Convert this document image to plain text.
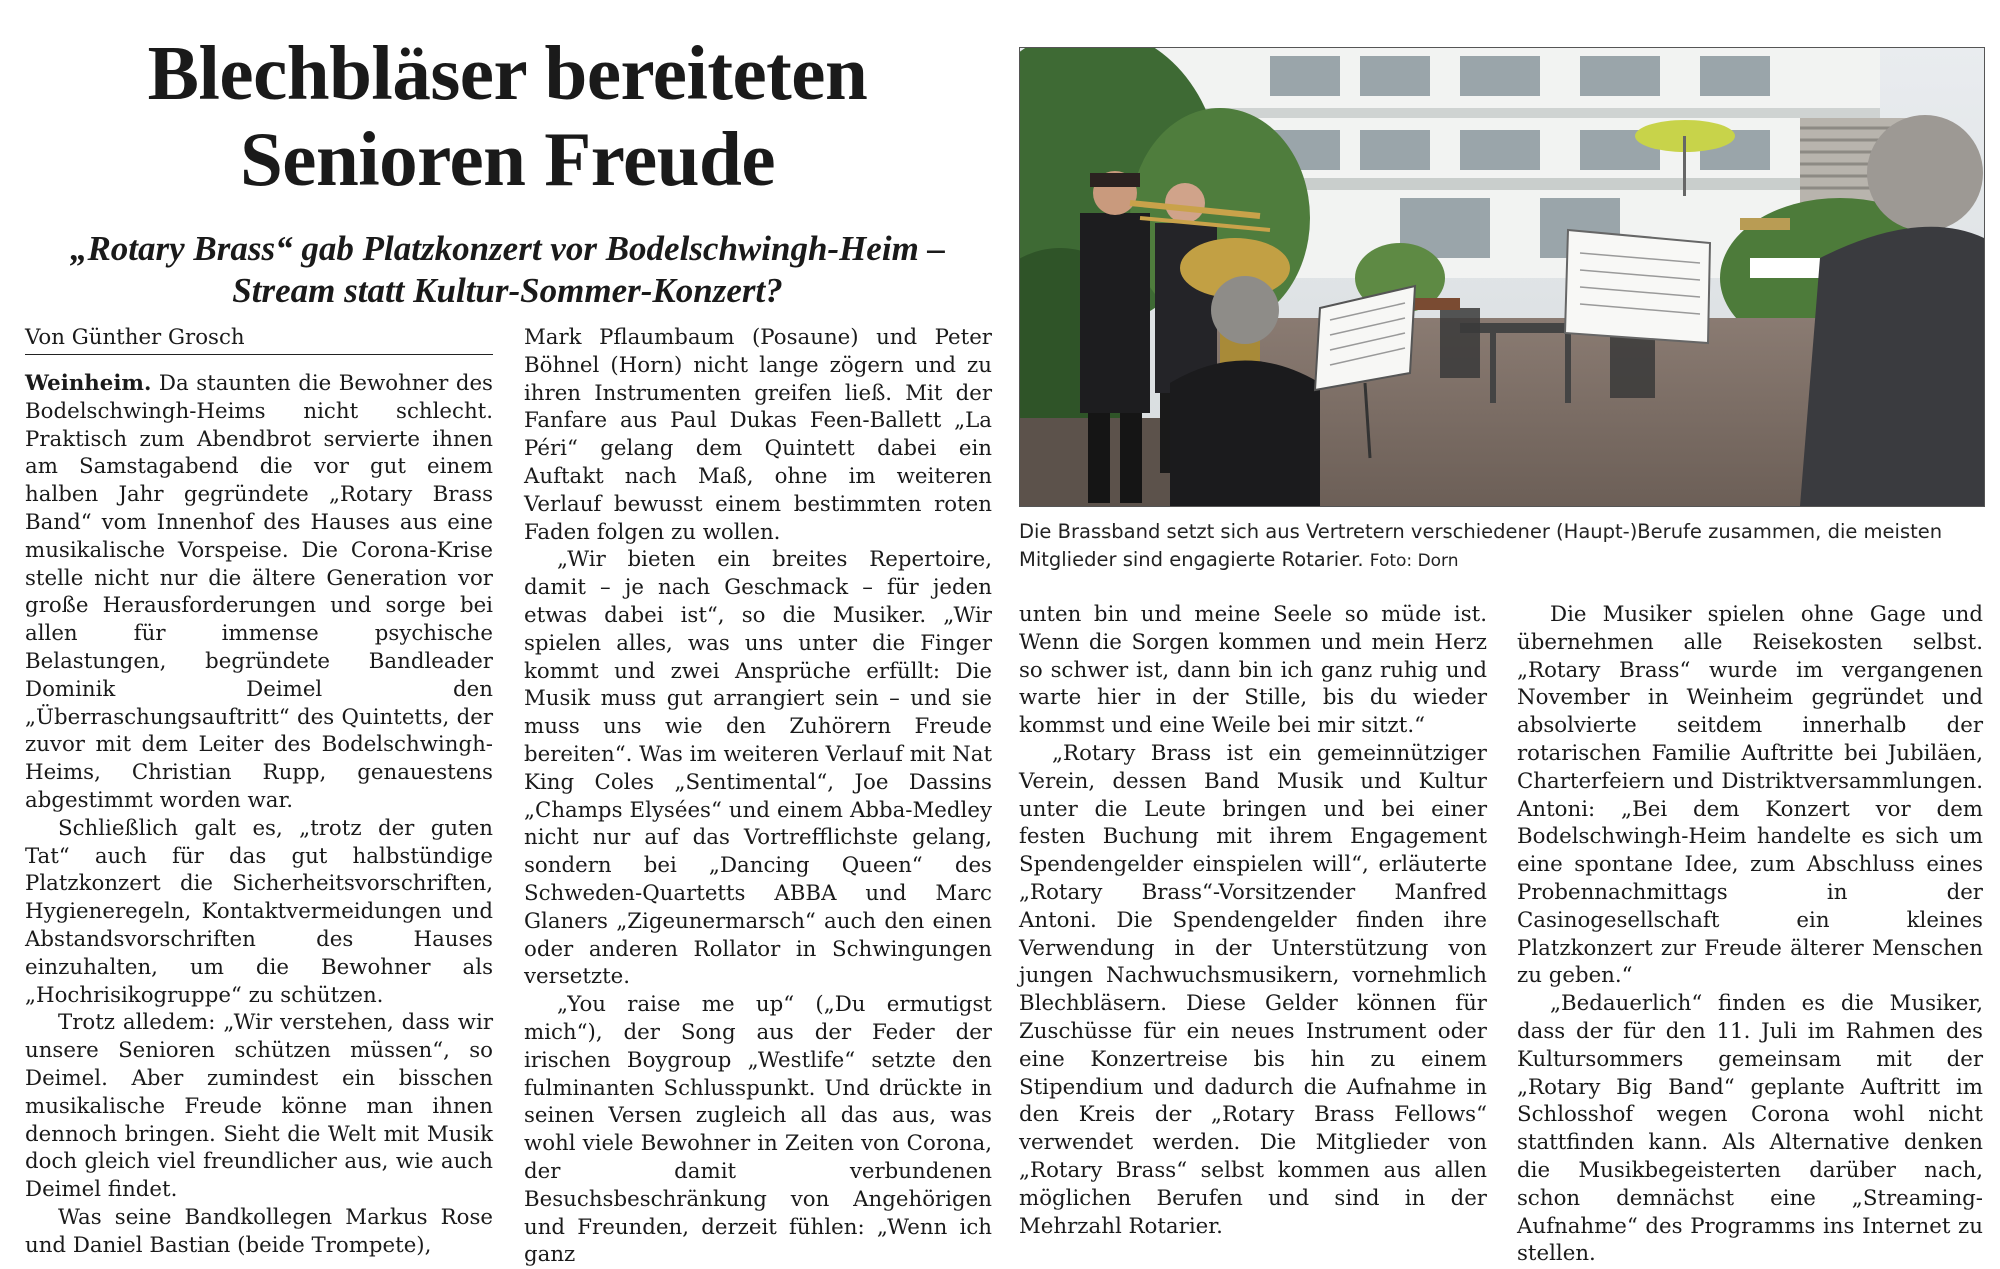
Blechbläser bereiteten
Senioren Freude
„Rotary Brass“ gab Platzkonzert vor Bodelschwingh-Heim –
Stream statt Kultur-Sommer-Konzert?
Von Günther Grosch

Weinheim. Da staunten die Bewohner des Bodelschwingh-Heims nicht schlecht. Praktisch zum Abendbrot servierte ihnen am Samstagabend die vor gut einem halben Jahr gegründete „Rotary Brass Band“ vom Innenhof des Hauses aus eine musikalische Vorspeise. Die Corona-Krise stelle nicht nur die ältere Generation vor große Herausforderungen und sorge bei allen für immense psychische Belastungen, begründete Bandleader Dominik Deimel den „Überraschungsauftritt“ des Quintetts, der zuvor mit dem Leiter des Bodelschwingh-Heims, Christian Rupp, genauestens abgestimmt worden war.

Schließlich galt es, „trotz der guten Tat“ auch für das gut halbstündige Platzkonzert die Sicherheitsvorschriften, Hygieneregeln, Kontaktvermeidungen und Abstandsvorschriften des Hauses einzuhalten, um die Bewohner als „Hochrisikogruppe“ zu schützen.

Trotz alledem: „Wir verstehen, dass wir unsere Senioren schützen müssen“, so Deimel. Aber zumindest ein bisschen musikalische Freude könne man ihnen dennoch bringen. Sieht die Welt mit Musik doch gleich viel freundlicher aus, wie auch Deimel findet.

Was seine Bandkollegen Markus Rose und Daniel Bastian (beide Trompete),

Mark Pflaumbaum (Posaune) und Peter Böhnel (Horn) nicht lange zögern und zu ihren Instrumenten greifen ließ. Mit der Fanfare aus Paul Dukas Feen-Ballett „La Péri“ gelang dem Quintett dabei ein Auftakt nach Maß, ohne im weiteren Verlauf bewusst einem bestimmten roten Faden folgen zu wollen.

„Wir bieten ein breites Repertoire, damit – je nach Geschmack – für jeden etwas dabei ist“, so die Musiker. „Wir spielen alles, was uns unter die Finger kommt und zwei Ansprüche erfüllt: Die Musik muss gut arrangiert sein – und sie muss uns wie den Zuhörern Freude bereiten“. Was im weiteren Verlauf mit Nat King Coles „Sentimental“, Joe Dassins „Champs Elysées“ und einem Abba-Medley nicht nur auf das Vortrefflichste gelang, sondern bei „Dancing Queen“ des Schweden-Quartetts ABBA und Marc Glaners „Zigeunermarsch“ auch den einen oder anderen Rollator in Schwingungen versetzte.

„You raise me up“ („Du ermutigst mich“), der Song aus der Feder der irischen Boygroup „Westlife“ setzte den fulminanten Schlusspunkt. Und drückte in seinen Versen zugleich all das aus, was wohl viele Bewohner in Zeiten von Corona, der damit verbundenen Besuchsbeschränkung von Angehörigen und Freunden, derzeit fühlen: „Wenn ich ganz

Die Brassband setzt sich aus Vertretern verschiedener (Haupt-)Berufe zusammen, die meisten Mitglieder sind engagierte Rotarier. Foto: Dorn

unten bin und meine Seele so müde ist. Wenn die Sorgen kommen und mein Herz so schwer ist, dann bin ich ganz ruhig und warte hier in der Stille, bis du wieder kommst und eine Weile bei mir sitzt.“

„Rotary Brass ist ein gemeinnütziger Verein, dessen Band Musik und Kultur unter die Leute bringen und bei einer festen Buchung mit ihrem Engagement Spendengelder einspielen will“, erläuterte „Rotary Brass“-Vorsitzender Manfred Antoni. Die Spendengelder finden ihre Verwendung in der Unterstützung von jungen Nachwuchsmusikern, vornehmlich Blechbläsern. Diese Gelder können für Zuschüsse für ein neues Instrument oder eine Konzertreise bis hin zu einem Stipendium und dadurch die Aufnahme in den Kreis der „Rotary Brass Fellows“ verwendet werden. Die Mitglieder von „Rotary Brass“ selbst kommen aus allen möglichen Berufen und sind in der Mehrzahl Rotarier.

Die Musiker spielen ohne Gage und übernehmen alle Reisekosten selbst. „Rotary Brass“ wurde im vergangenen November in Weinheim gegründet und absolvierte seitdem innerhalb der rotarischen Familie Auftritte bei Jubiläen, Charterfeiern und Distriktversammlungen. Antoni: „Bei dem Konzert vor dem Bodelschwingh-Heim handelte es sich um eine spontane Idee, zum Abschluss eines Probennachmittags in der Casinogesellschaft ein kleines Platzkonzert zur Freude älterer Menschen zu geben.“

„Bedauerlich“ finden es die Musiker, dass der für den 11. Juli im Rahmen des Kultursommers gemeinsam mit der „Rotary Big Band“ geplante Auftritt im Schlosshof wegen Corona wohl nicht stattfinden kann. Als Alternative denken die Musikbegeisterten darüber nach, schon demnächst eine „Streaming-Aufnahme“ des Programms ins Internet zu stellen.
